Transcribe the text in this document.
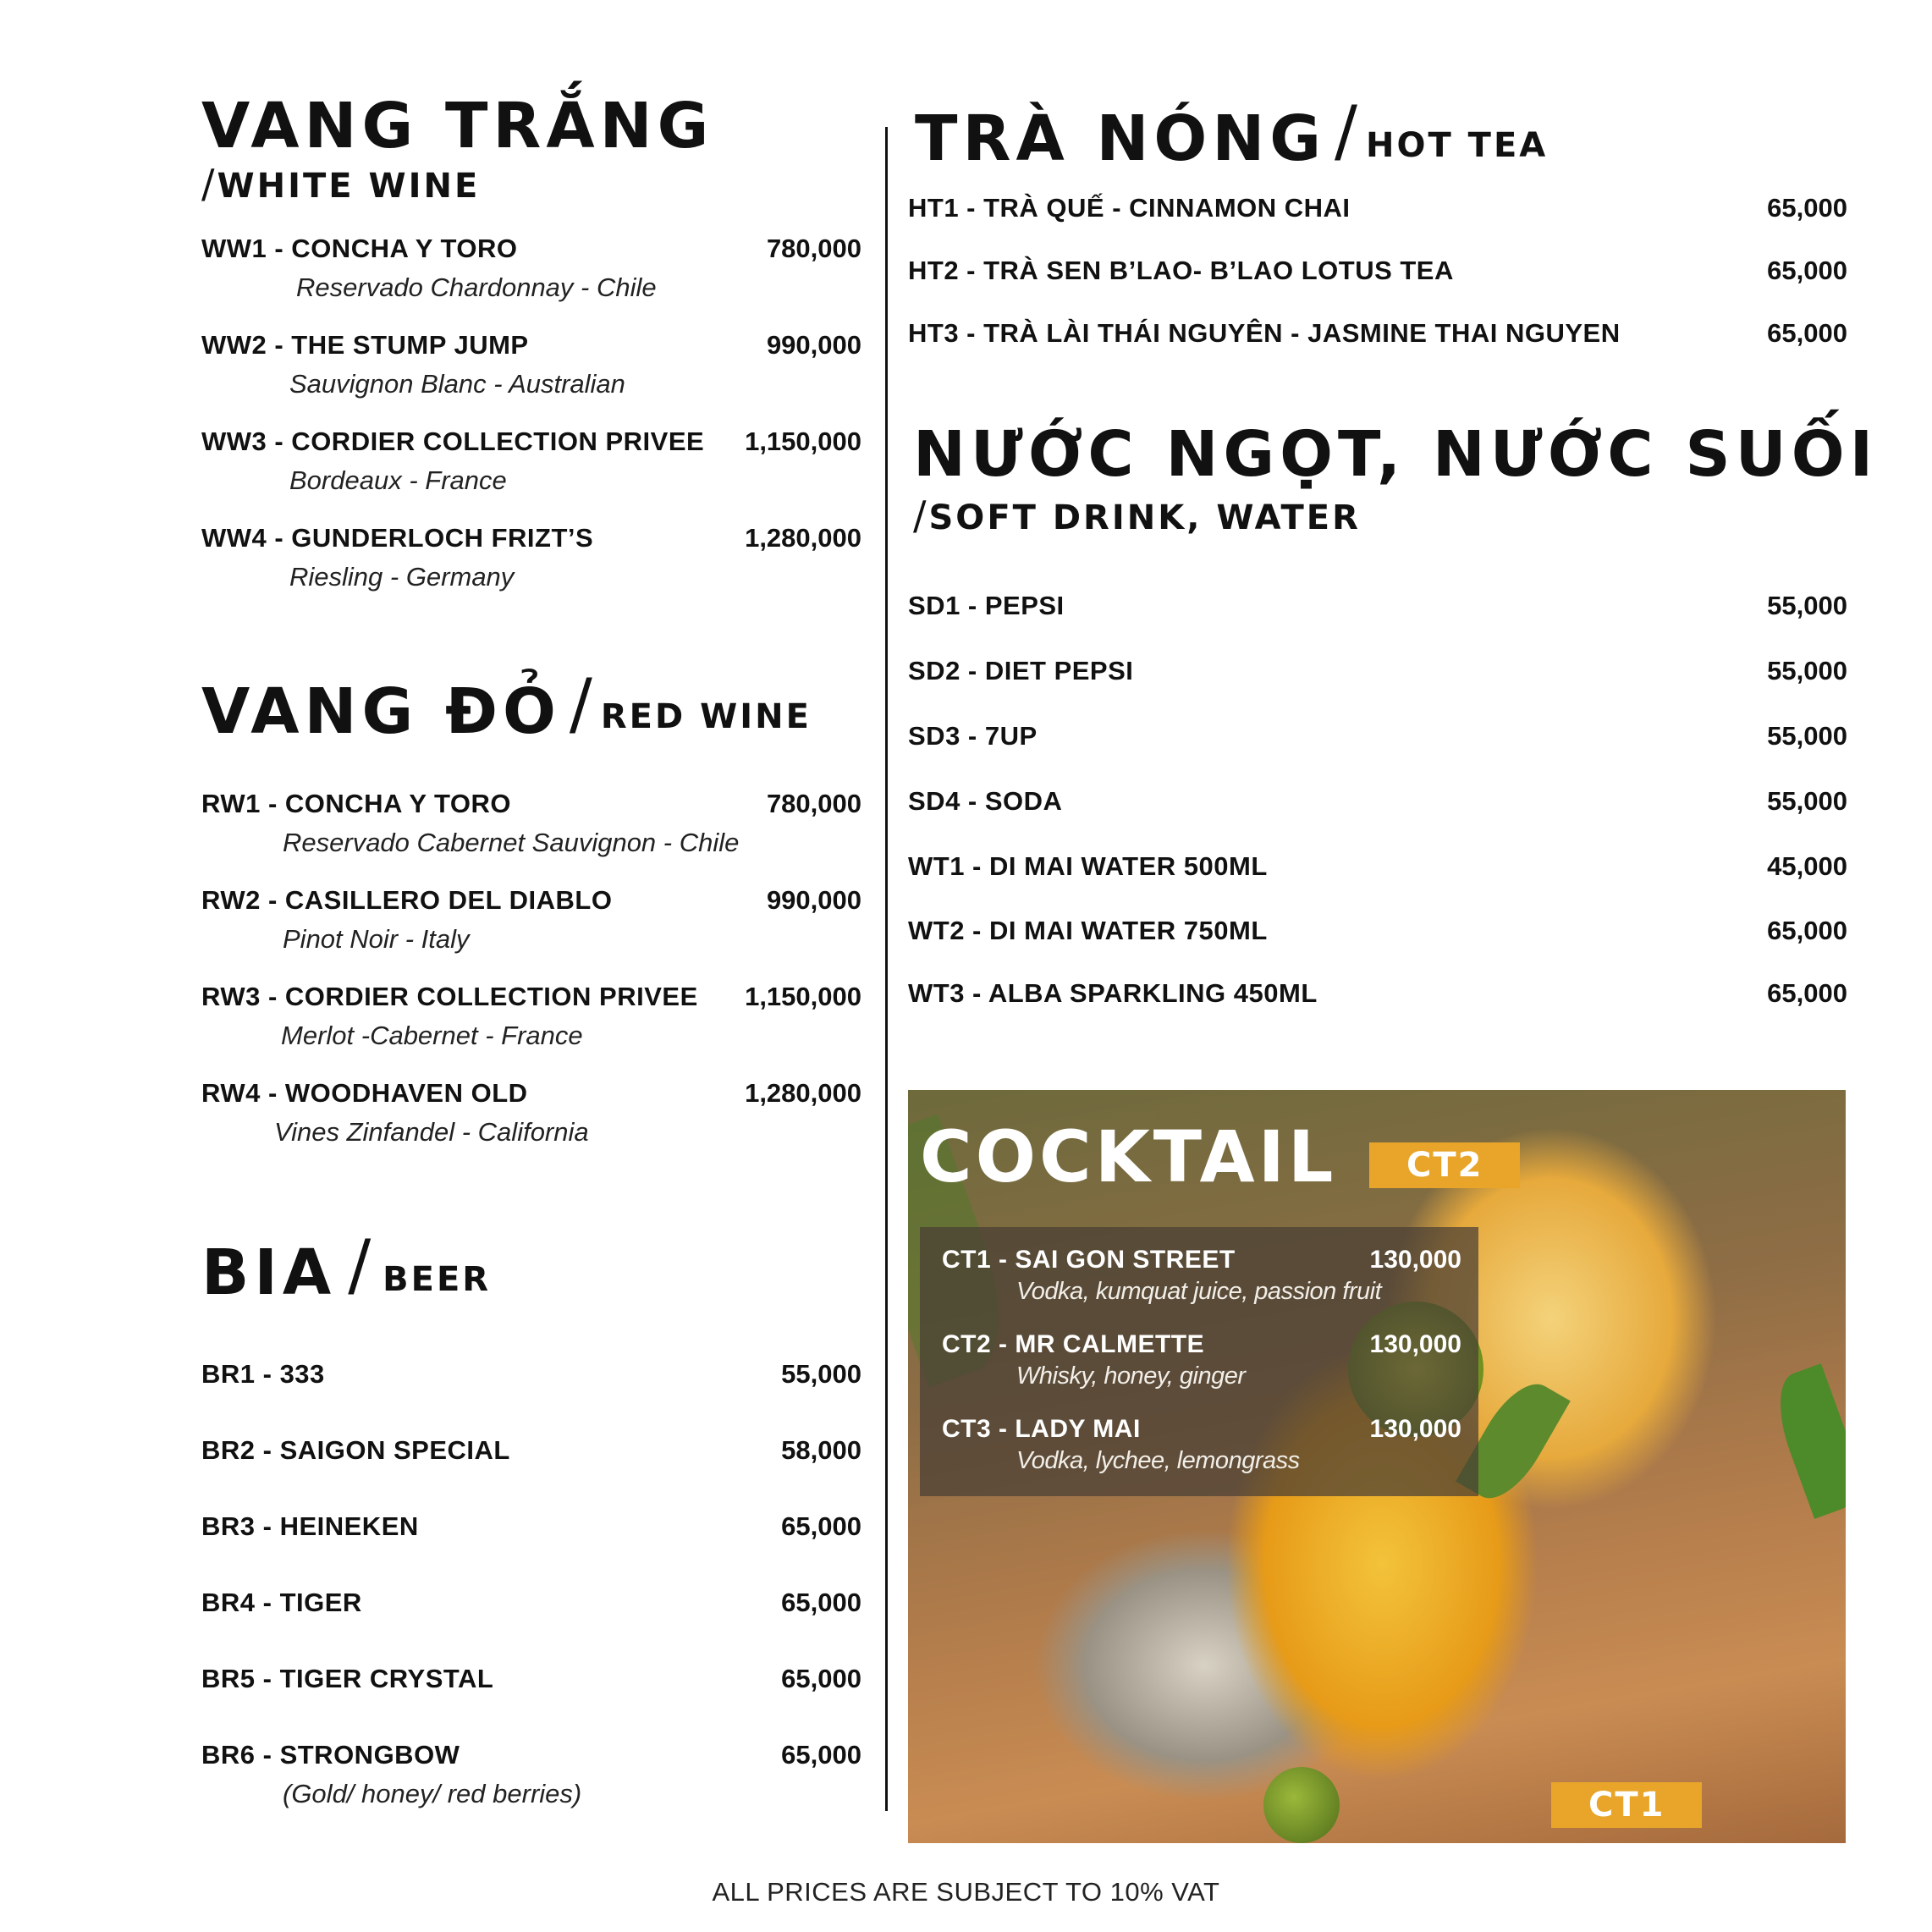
VANG TRẮNG
/WHITE WINE
WW1 - CONCHA Y TORO	780,000
Reservado Chardonnay - Chile
WW2 - THE STUMP JUMP	990,000
Sauvignon Blanc - Australian
WW3 - CORDIER COLLECTION PRIVEE 1,150,000
Bordeaux - France
WW4 - GUNDERLOCH FRIZT’S	1,280,000
Riesling - Germany
VANG ĐỎ / RED WINE
RW1 - CONCHA Y TORO	780,000
Reservado Cabernet Sauvignon - Chile
RW2 - CASILLERO DEL DIABLO	990,000
Pinot Noir - Italy
RW3 - CORDIER COLLECTION PRIVEE 1,150,000
Merlot -Cabernet - France
RW4 - WOODHAVEN OLD	1,280,000
Vines Zinfandel - California
BIA / BEER
BR1 - 333	55,000
BR2 - SAIGON SPECIAL	58,000
BR3 - HEINEKEN	65,000
BR4 - TIGER	65,000
BR5 - TIGER CRYSTAL	65,000
BR6 - STRONGBOW	65,000
(Gold/ honey/ red berries)
TRÀ NÓNG / HOT TEA
HT1 - TRÀ QUẾ - CINNAMON CHAI	65,000
HT2 - TRÀ SEN B’LAO- B’LAO LOTUS TEA	65,000
HT3 - TRÀ LÀI THÁI NGUYÊN - JASMINE THAI NGUYEN	65,000
NƯỚC NGỌT, NƯỚC SUỐI
/SOFT DRINK, WATER
SD1 - PEPSI	55,000
SD2 - DIET PEPSI	55,000
SD3 - 7UP	55,000
SD4 - SODA	55,000
WT1 - DI MAI WATER 500ML	45,000
WT2 - DI MAI WATER 750ML	65,000
WT3 - ALBA SPARKLING 450ML	65,000
COCKTAIL	CT2
CT1
CT1 - SAI GON STREET	130,000
Vodka, kumquat juice, passion fruit
CT2 - MR CALMETTE	130,000
Whisky, honey, ginger
CT3 - LADY MAI	130,000
Vodka, lychee, lemongrass
ALL PRICES ARE SUBJECT TO 10% VAT
